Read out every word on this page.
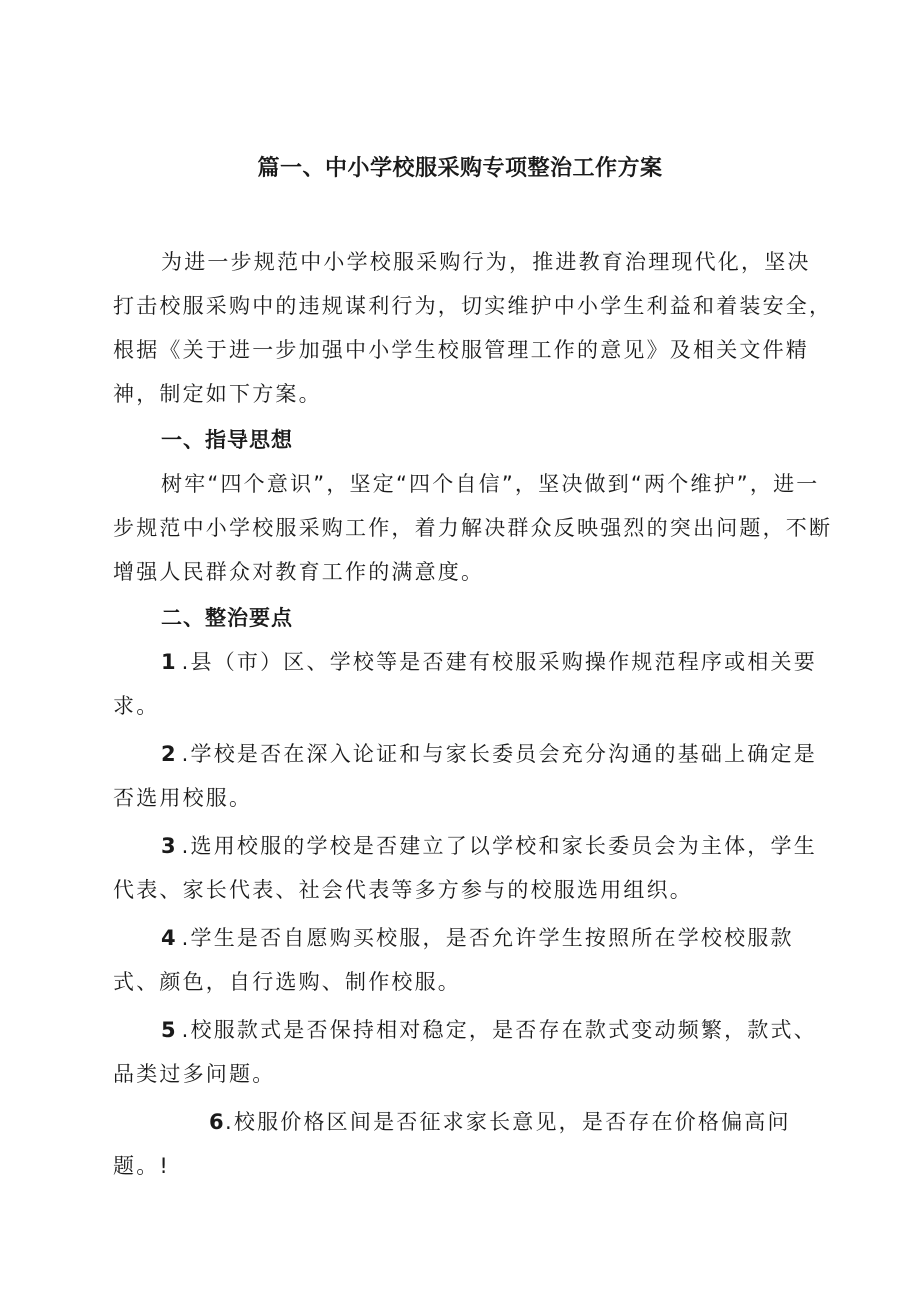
篇一、中小学校服采购专项整治工作方案

为进一步规范中小学校服采购行为，推进教育治理现代化，坚决打击校服采购中的违规谋利行为，切实维护中小学生利益和着装安全，根据《关于进一步加强中小学生校服管理工作的意见》及相关文件精神，制定如下方案。

一、指导思想

树牢“四个意识”，坚定“四个自信”，坚决做到“两个维护”，进一步规范中小学校服采购工作，着力解决群众反映强烈的突出问题，不断增强人民群众对教育工作的满意度。

二、整治要点

1.县（市）区、学校等是否建有校服采购操作规范程序或相关要求。

2.学校是否在深入论证和与家长委员会充分沟通的基础上确定是否选用校服。

3.选用校服的学校是否建立了以学校和家长委员会为主体，学生代表、家长代表、社会代表等多方参与的校服选用组织。

4.学生是否自愿购买校服，是否允许学生按照所在学校校服款式、颜色，自行选购、制作校服。

5.校服款式是否保持相对稳定，是否存在款式变动频繁，款式、品类过多问题。

6.校服价格区间是否征求家长意见，是否存在价格偏高问题。!
